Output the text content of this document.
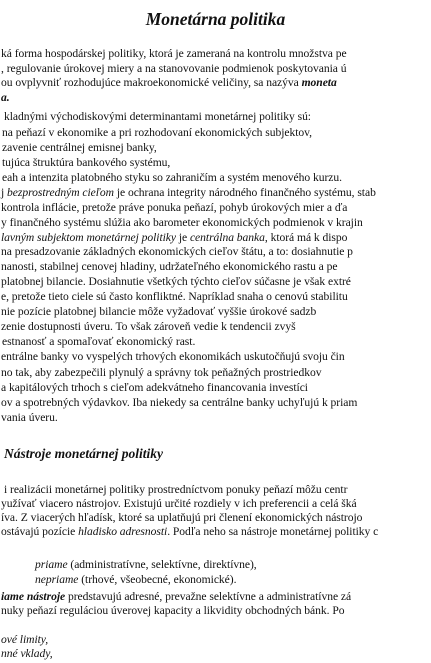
Monetárna politika
ká forma hospodárskej politiky, ktorá je zameraná na kontrolu množstva pe
, regulovanie úrokovej miery a na stanovovanie podmienok poskytovania ú
ou ovplyvniť rozhodujúce makroekonomické veličiny, sa nazýva moneta
a.
kladnými východiskovými determinantami monetárnej politiky sú:
na peňazí v ekonomike a pri rozhodovaní ekonomických subjektov,
zavenie centrálnej emisnej banky,
tujúca štruktúra bankového systému,
eah a intenzita platobného styku so zahraničím a systém menového kurzu.
j bezprostredným cieľom je ochrana integrity národného finančného systému, stab
kontrola inflácie, pretože práve ponuka peňazí, pohyb úrokových mier a ďa
y finančného systému slúžia ako barometer ekonomických podmienok v krajin
lavným subjektom monetárnej politiky je centrálna banka, ktorá má k dispo
na presadzovanie základných ekonomických cieľov štátu, a to: dosiahnutie p
nanosti, stabilnej cenovej hladiny, udržateľného ekonomického rastu a pe
platobnej bilancie. Dosiahnutie všetkých týchto cieľov súčasne je však extré
e, pretože tieto ciele sú často konfliktné. Napríklad snaha o cenovú stabilitu
nie pozície platobnej bilancie môže vyžadovať vyššie úrokové sadzb
zenie dostupnosti úveru. To však zároveň vedie k tendencii zvyš
estnanosť a spomaľovať ekonomický rast.
entrálne banky vo vyspelých trhových ekonomikách uskutočňujú svoju čin
no tak, aby zabezpečili plynulý a správny tok peňažných prostriedkov
a kapitálových trhoch s cieľom adekvátneho financovania investíci
ov a spotrebných výdavkov. Iba niekedy sa centrálne banky uchyľujú k priam
vania úveru.
Nástroje monetárnej politiky
i realizácii monetárnej politiky prostredníctvom ponuky peňazí môžu centr
yužívať viacero nástrojov. Existujú určité rozdiely v ich preferencii a celá šká
íva. Z viacerých hľadísk, ktoré sa uplatňujú pri členení ekonomických nástrojo
ostávajú pozície hladisko adresnosti. Podľa neho sa nástroje monetárnej politiky c
priame (administratívne, selektívne, direktívne),
nepriame (trhové, všeobecné, ekonomické).
iame nástroje predstavujú adresné, prevažne selektívne a administratívne zá
nuky peňazí reguláciou úverovej kapacity a likvidity obchodných bánk. Po
ové limity,
nné vklady,
